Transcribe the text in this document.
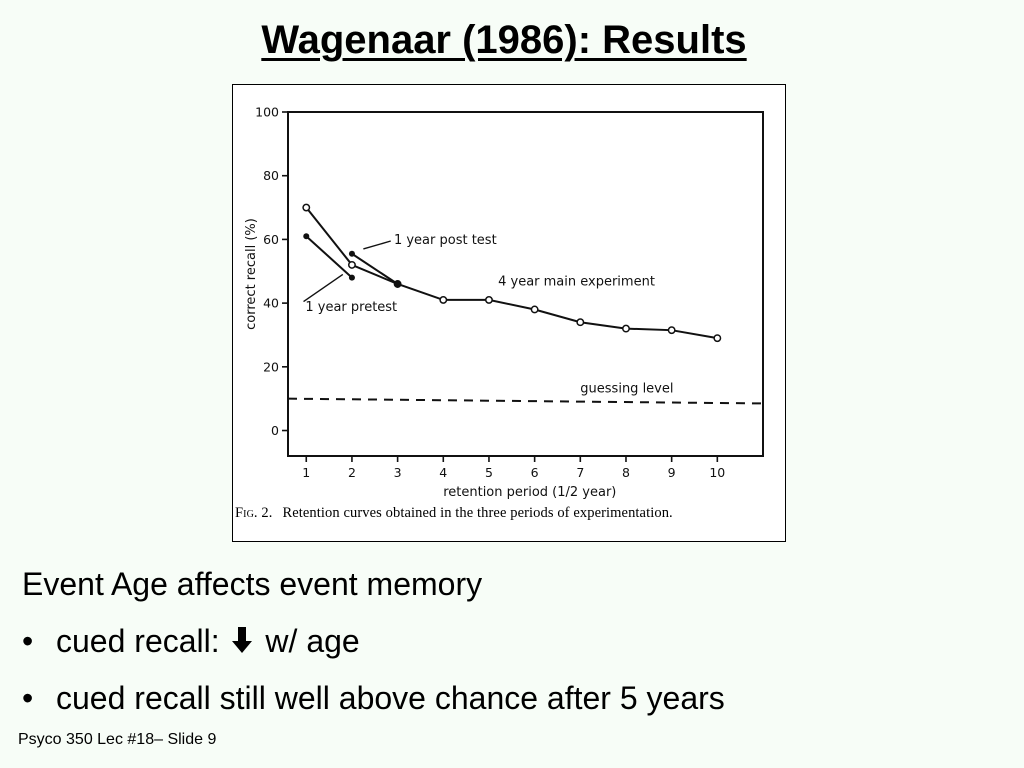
Wagenaar (1986): Results
0
20
40
60
80
100
1	2	3	4	5	6	7	8	9	10
retention period (1/2 year)
correct recall (%)	1 year post test
1 year pretest
4 year main experiment
guessing level
Fig. 2. Retention curves obtained in the three periods of experimentation.
Event Age affects event memory
• cued recall: w/ age
• cued recall still well above chance after 5 years
Psyco 350 Lec #18– Slide 9
